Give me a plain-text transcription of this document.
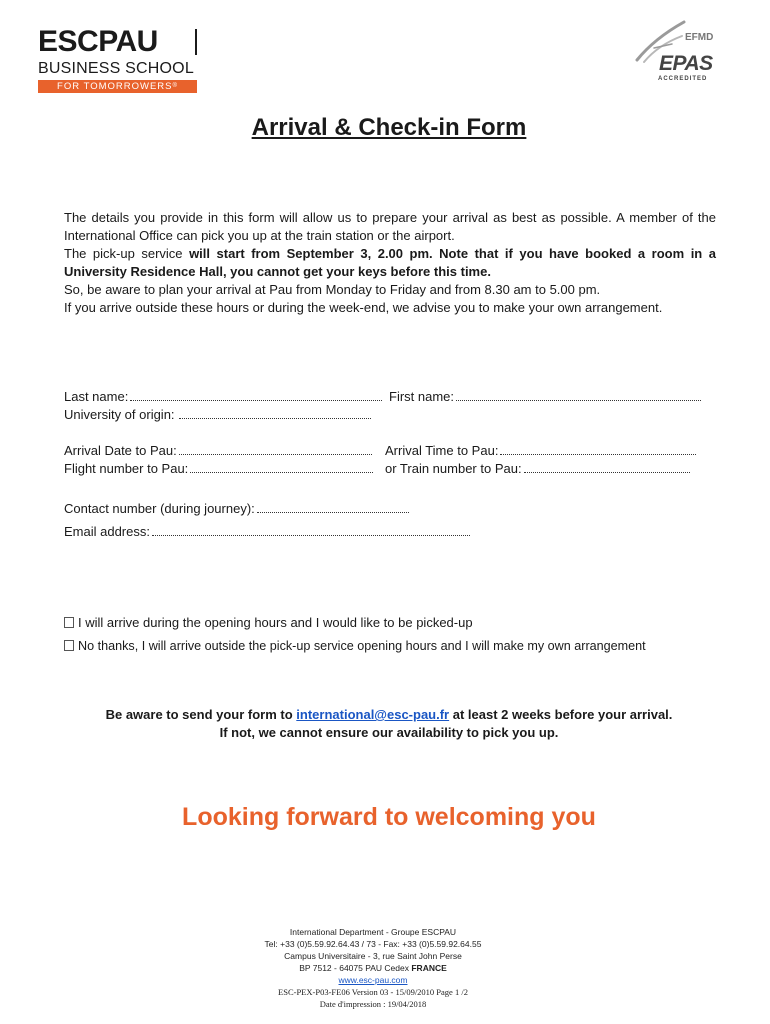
ESCPAU
BUSINESS SCHOOL
FOR TOMORROWERS®
EFMD
EPAS
ACCREDITED
Arrival & Check-in Form

The details you provide in this form will allow us to prepare your arrival as best as possible. A member of the International Office can pick you up at the train station or the airport.

The pick-up service will start from September 3, 2.00 pm. Note that if you have booked a room in a University Residence Hall, you cannot get your keys before this time.

So, be aware to plan your arrival at Pau from Monday to Friday and from 8.30 am to 5.00 pm.

If you arrive outside these hours or during the week-end, we advise you to make your own arrangement.

Last name:	First name:
University of origin:
Arrival Date to Pau:	Arrival Time to Pau:
Flight number to Pau:	or Train number to Pau:
Contact number (during journey):
Email address:
I will arrive during the opening hours and I would like to be picked-up
No thanks, I will arrive outside the pick-up service opening hours and I will make my own arrangement
Be aware to send your form to international@esc-pau.fr at least 2 weeks before your arrival.
If not, we cannot ensure our availability to pick you up.
Looking forward to welcoming you
International Department - Groupe ESCPAU
Tel: +33 (0)5.59.92.64.43 / 73 - Fax: +33 (0)5.59.92.64.55
Campus Universitaire - 3, rue Saint John Perse
BP 7512 - 64075 PAU Cedex FRANCE
www.esc-pau.com
ESC-PEX-P03-FE06 Version 03 - 15/09/2010 Page 1 /2
Date d'impression : 19/04/2018
